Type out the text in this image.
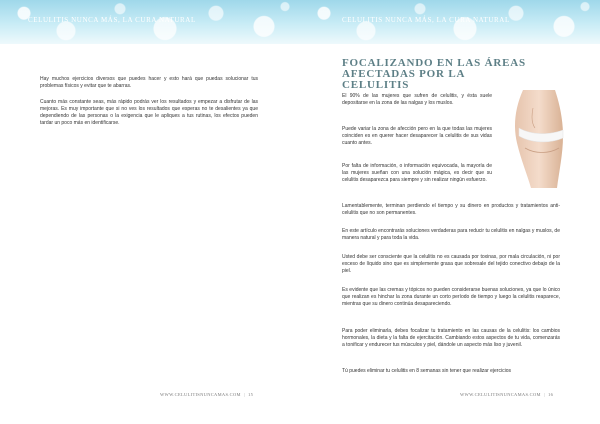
CELULITIS NUNCA MÁS, LA CURA NATURAL

Hay muchos ejercicios diversos que puedes hacer y esto hará que puedas solucionar tus problemas físicos y evitar que te abarras.

Cuanto más constante seas, más rápido podrás ver los resultados y empezar a disfrutar de las mejoras. Es muy importante que si no ves los resultados que esperas no te desalientes ya que dependiendo de las personas o la exigencia que le apliques a tus rutinas, los efectos pueden tardar un poco más en identificarse.

WWW.CELULITISNUNCAMAS.COM | 15
CELULITIS NUNCA MÁS, LA CURA NATURAL
FOCALIZANDO EN LAS ÁREAS AFECTADAS POR LA CELULITIS

El 90% de las mujeres que sufren de celulitis, y ésta suele depositarse en la zona de las nalgas y los muslos.

Puede variar la zona de afección pero en la que todas las mujeres coinciden es en querer hacer desaparecer la celulitis de sus vidas cuanto antes.

Por falta de información, o información equivocada, la mayoría de las mujeres sueñan con una solución mágica, es decir que su celulitis desaparezca para siempre y sin realizar ningún esfuerzo.

Lamentablemente, terminan perdiendo el tiempo y su dinero en productos y tratamientos anti-celulitis que no son permanentes.

En este artículo encontrarás soluciones verdaderas para reducir tu celulitis en nalgas y muslos, de manera natural y para toda la vida.

Usted debe ser consciente que la celulitis no es causada por toxinas, por mala circulación, ni por exceso de líquido sino que es simplemente grasa que sobresale del tejido conectivo debajo de la piel.

Es evidente que las cremas y tópicos no pueden considerarse buenas soluciones, ya que lo único que realizan es hinchar la zona durante un corto período de tiempo y luego la celulitis reaparece, mientras que su dinero continúa desapareciendo.

Para poder eliminarla, debes focalizar tu tratamiento en las causas de la celulitis: los cambios hormonales, la dieta y la falta de ejercitación. Cambiando estos aspectos de tu vida, comenzarás a tonificar y endurecer tus músculos y piel, dándole un aspecto más liso y juvenil.

Tú puedes eliminar tu celulitis en 8 semanas sin tener que realizar ejercicios

WWW.CELULITISNUNCAMAS.COM | 16
